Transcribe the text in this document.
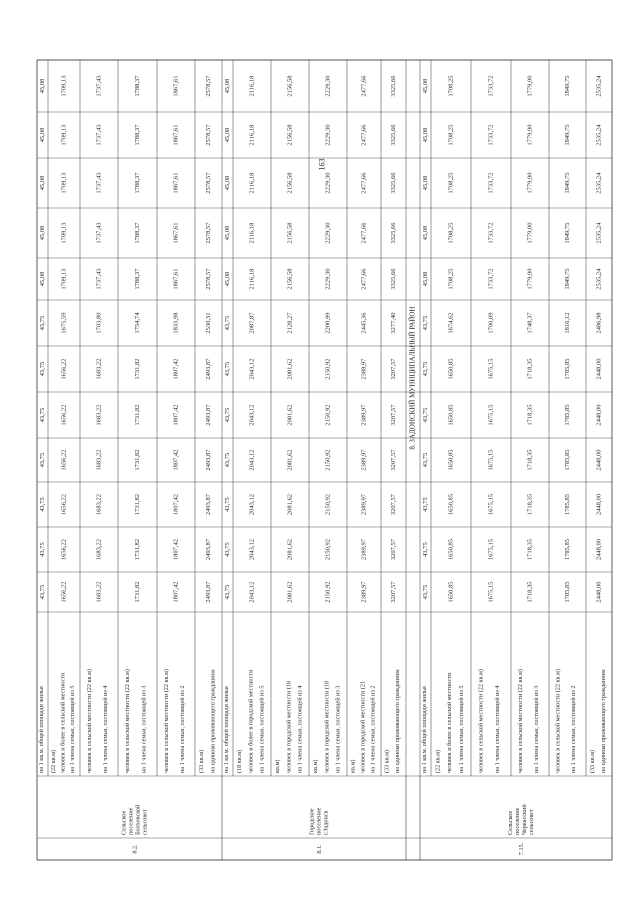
163
на одиноко проживающего гражданина
(33 кв.м)
2448,00
2448,00
2448,00
2448,00
2448,00
2448,00
2486,98
2535,24
2535,24
2535,24
2535,24
2535,24
на 1 члена семьи, состоящей из 2
человек в сельской местности (22 кв.м)
1785,85
1785,85
1785,85
1785,85
1785,85
1785,85
1816,12
1849,75
1849,75
1849,75
1849,75
1849,75
на 1 члена семьи, состоящей из 3
человек в сельской местности (22 кв.м)
1718,35
1718,35
1718,35
1718,35
1718,35
1718,35
1748,37
1779,00
1779,00
1779,00
1779,00
1779,00
на 1 члена семьи, состоящей из 4
человек в сельской местности (22 кв.м)
1675,15
1675,15
1675,15
1675,15
1675,15
1675,15
1700,09
1733,72
1733,72
1733,72
1733,72
1733,72
на 1 члена семьи, состоящей из 5
человек и более в сельской местности
(22 кв.м)
1650,85
1650,85
1650,85
1650,85
1650,85
1650,85
1674,62
1708,25
1708,25
1708,25
1708,25
1708,25
на 1 кв.м. общей площади жилья
43,75
43,75
43,75
43,75
43,75
43,75
43,75
45,08
45,08
45,08
45,08
45,08
Сельское поселение Черкасский сельсовет
7.15.
8. ЗАДОНСКИЙ МУНИЦИПАЛЬНЫЙ РАЙОН
на одиноко проживающего гражданина
(33 кв.м)
3207,57
3207,57
3207,57
3207,57
3207,57
3207,57
3277,40
3325,66
3325,66
3325,66
3325,66
3325,66
на 1 члена семьи, состоящей из 2
человек в городской местности (21
кв.м)
2389,97
2389,97
2389,97
2389,97
2389,97
2389,97
2445,36
2477,66
2477,66
2477,66
2477,66
2477,66
на 1 члена семьи, состоящей из 3
человек в городской местности (18
кв.м)
2150,92
2150,92
2150,92
2150,92
2150,92
2150,92
2200,99
2229,30
2229,30
2229,30
2229,30
2229,30
на 1 члена семьи, состоящей из 4
человек в городской местности (18
кв.м)
2081,62
2081,62
2081,62
2081,62
2081,62
2081,62
2128,27
2156,58
2156,58
2156,58
2156,58
2156,58
на 1 члена семьи, состоящей из 5
человек и более в городской местности
(18 кв.м)
2043,12
2043,12
2043,12
2043,12
2043,12
2043,12
2087,87
2116,18
2116,18
2116,18
2116,18
2116,18
на 1 кв.м. общей площади жилья
43,75
43,75
43,75
43,75
43,75
43,75
43,75
45,08
45,08
45,08
45,08
45,08
Городское поселение г.Задонск
8.1.
на одиноко проживающего гражданина
(33 кв.м)
2493,87
2493,87
2493,87
2493,87
2493,87
2493,87
2530,31
2578,57
2578,57
2578,57
2578,57
2578,57
на 1 члена семьи, состоящей из 2
человек в сельской местности (22 кв.м)
1807,42
1807,42
1807,42
1807,42
1807,42
1807,42
1833,98
1867,61
1867,61
1867,61
1867,61
1867,61
на 1 члена семьи, состоящей из 3
человек в сельской местности (22 кв.м)
1731,82
1731,82
1731,82
1731,82
1731,82
1731,82
1754,74
1788,37
1788,37
1788,37
1788,37
1788,37
на 1 члена семьи, состоящей из 4
человек в сельской местности (22 кв.м)
1683,22
1683,22
1683,22
1683,22
1683,22
1683,22
1703,80
1737,43
1737,43
1737,43
1737,43
1737,43
на 1 члена семьи, состоящей из 5
человек и более в сельской местности
(22 кв.м)
1656,22
1656,22
1656,22
1656,22
1656,22
1656,22
1675,59
1709,13
1709,13
1709,13
1709,13
1709,13
на 1 кв.м. общей площади жилья
43,75
43,75
43,75
43,75
43,75
43,75
43,75
45,08
45,08
45,08
45,08
45,08
Сельское поселение Болховской сельсовет
8.2.
